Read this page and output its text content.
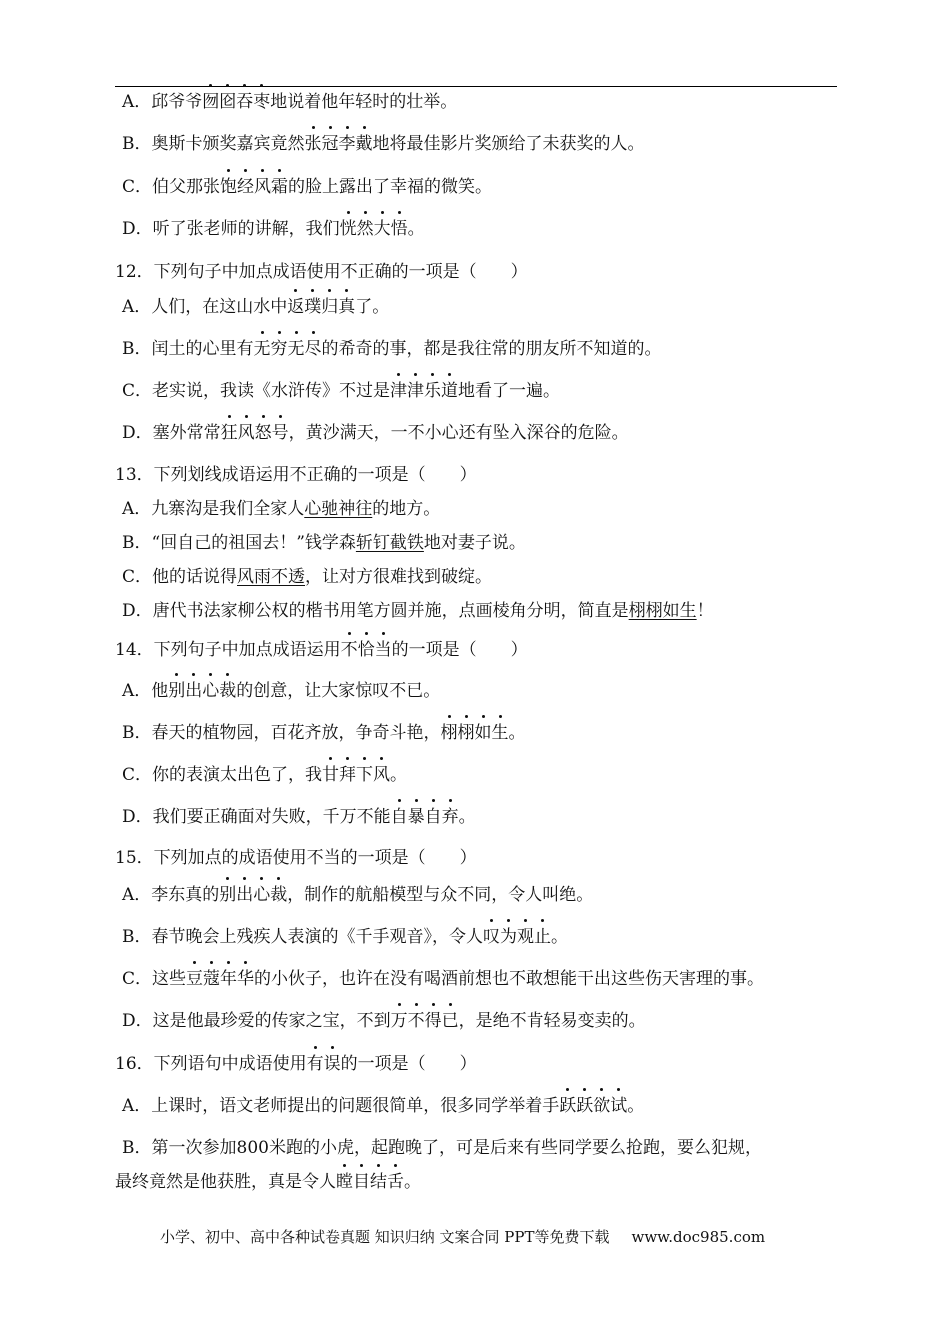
A．邱爷爷囫囵吞枣地说着他年轻时的壮举。
B．奥斯卡颁奖嘉宾竟然张冠李戴地将最佳影片奖颁给了未获奖的人。
C．伯父那张饱经风霜的脸上露出了幸福的微笑。
D．听了张老师的讲解，我们恍然大悟。
12．下列句子中加点成语使用不正确的一项是（　　）
A．人们，在这山水中返璞归真了。
B．闰土的心里有无穷无尽的希奇的事，都是我往常的朋友所不知道的。
C．老实说，我读《水浒传》不过是津津乐道地看了一遍。
D．塞外常常狂风怒号，黄沙满天，一不小心还有坠入深谷的危险。
13．下列划线成语运用不正确的一项是（　　）
A．九寨沟是我们全家人心驰神往的地方。
B．“回自己的祖国去！”钱学森斩钉截铁地对妻子说。
C．他的话说得风雨不透，让对方很难找到破绽。
D．唐代书法家柳公权的楷书用笔方圆并施，点画棱角分明，简直是栩栩如生！
14．下列句子中加点成语运用不恰当的一项是（　　）
A．他别出心裁的创意，让大家惊叹不已。
B．春天的植物园，百花齐放，争奇斗艳，栩栩如生。
C．你的表演太出色了，我甘拜下风。
D．我们要正确面对失败，千万不能自暴自弃。
15．下列加点的成语使用不当的一项是（　　）
A．李东真的别出心裁，制作的航船模型与众不同，令人叫绝。
B．春节晚会上残疾人表演的《千手观音》，令人叹为观止。
C．这些豆蔻年华的小伙子，也许在没有喝酒前想也不敢想能干出这些伤天害理的事。
D．这是他最珍爱的传家之宝，不到万不得已，是绝不肯轻易变卖的。
16．下列语句中成语使用有误的一项是（　　）
A．上课时，语文老师提出的问题很简单，很多同学举着手跃跃欲试。
B．第一次参加800米跑的小虎，起跑晚了，可是后来有些同学要么抢跑，要么犯规，
最终竟然是他获胜，真是令人瞠目结舌。
小学、初中、高中各种试卷真题 知识归纳 文案合同 PPT等免费下载 www.doc985.com
